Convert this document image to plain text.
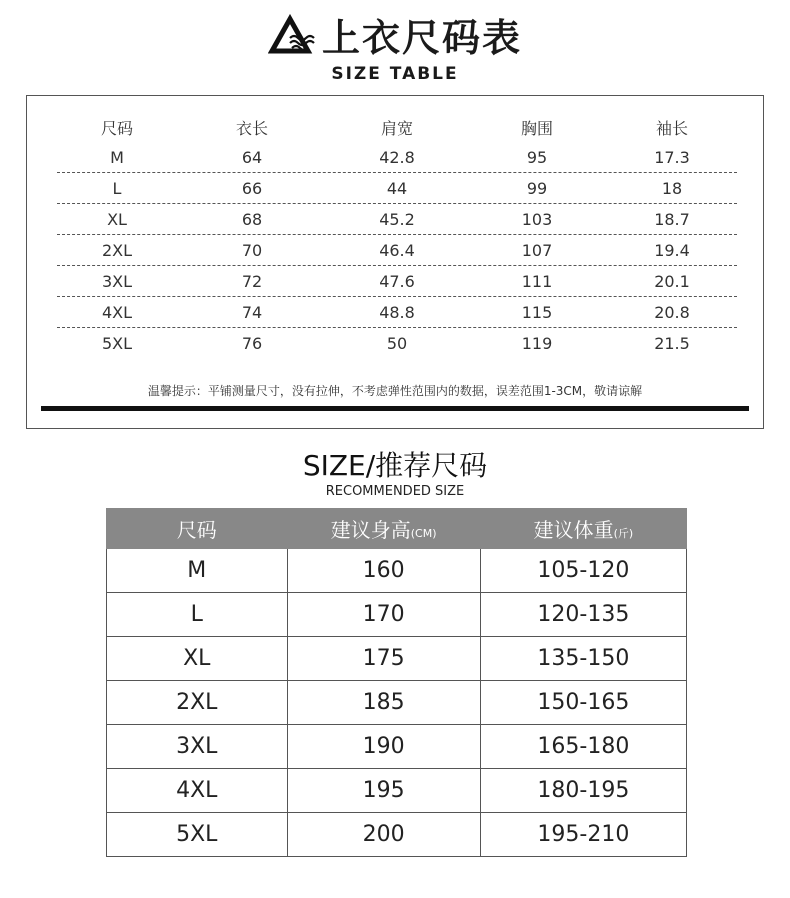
上衣尺码表
SIZE TABLE
尺码	衣长	肩宽	胸围	袖长
M	64	42.8	95	17.3
L	66	44	99	18
XL	68	45.2	103	18.7
2XL	70	46.4	107	19.4
3XL	72	47.6	111	20.1
4XL	74	48.8	115	20.8
5XL	76	50	119	21.5
温馨提示：平铺测量尺寸，没有拉伸，不考虑弹性范围内的数据，误差范围1-3CM，敬请谅解
SIZE/推荐尺码
RECOMMENDED SIZE
尺码	建议身高(CM)	建议体重(斤)
M	160	105-120
L	170	120-135
XL	175	135-150
2XL	185	150-165
3XL	190	165-180
4XL	195	180-195
5XL	200	195-210
